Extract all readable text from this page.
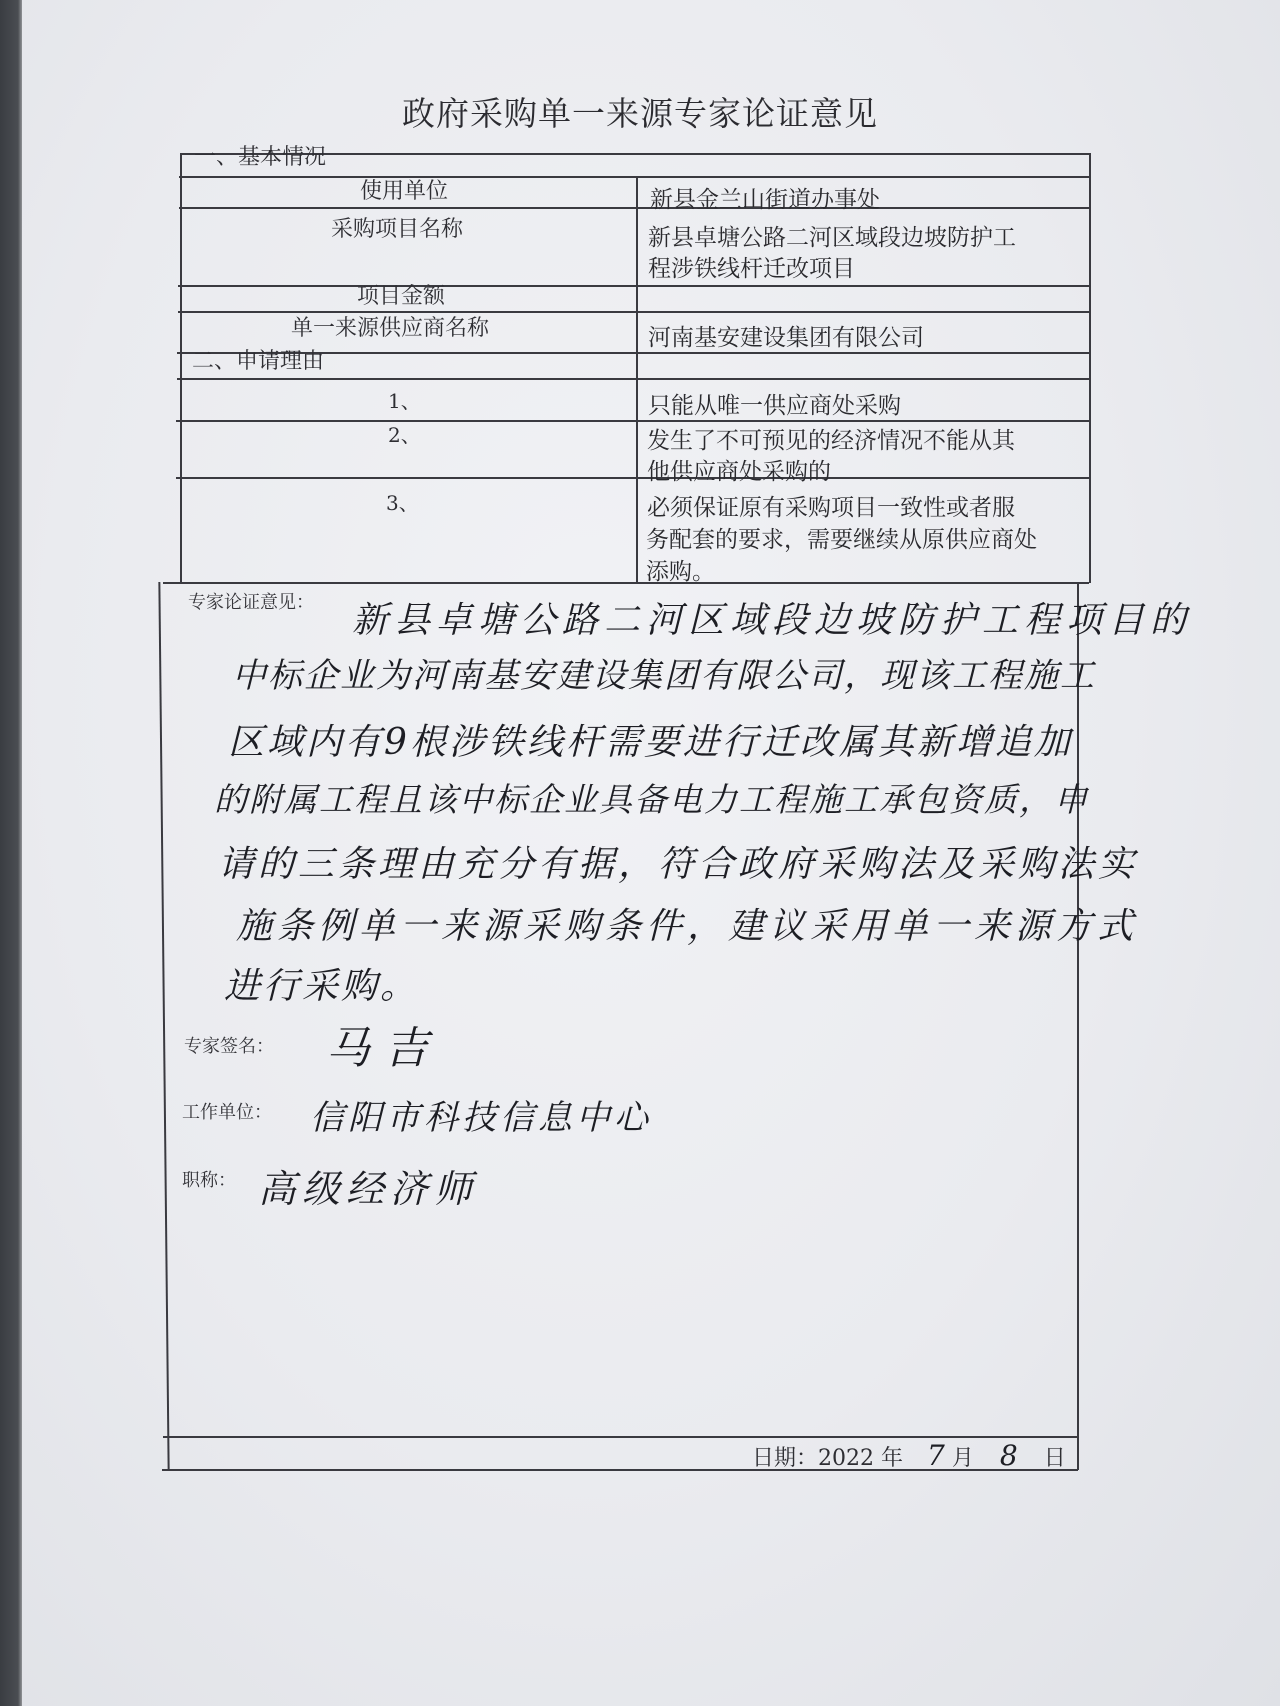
政府采购单一来源专家论证意见
一、基本情况
使用单位	新县金兰山街道办事处
采购项目名称	新县卓塘公路二河区域段边坡防护工
程涉铁线杆迁改项目
项目金额
单一来源供应商名称	河南基安建设集团有限公司
二、申请理由
1、	只能从唯一供应商处采购
2、	发生了不可预见的经济情况不能从其
他供应商处采购的
3、	必须保证原有采购项目一致性或者服
务配套的要求，需要继续从原供应商处
添购。
专家论证意见： 新县卓塘公路二河区域段边坡防护工程项目的
中标企业为河南基安建设集团有限公司，现该工程施工
区域内有9根涉铁线杆需要进行迁改属其新增追加
的附属工程且该中标企业具备电力工程施工承包资质，申
请的三条理由充分有据，符合政府采购法及采购法实
施条例单一来源采购条件，建议采用单一来源方式
进行采购。
专家签名： 马吉
工作单位： 信阳市科技信息中心
职称： 高级经济师
日期：2022 年 7 月 8 日
